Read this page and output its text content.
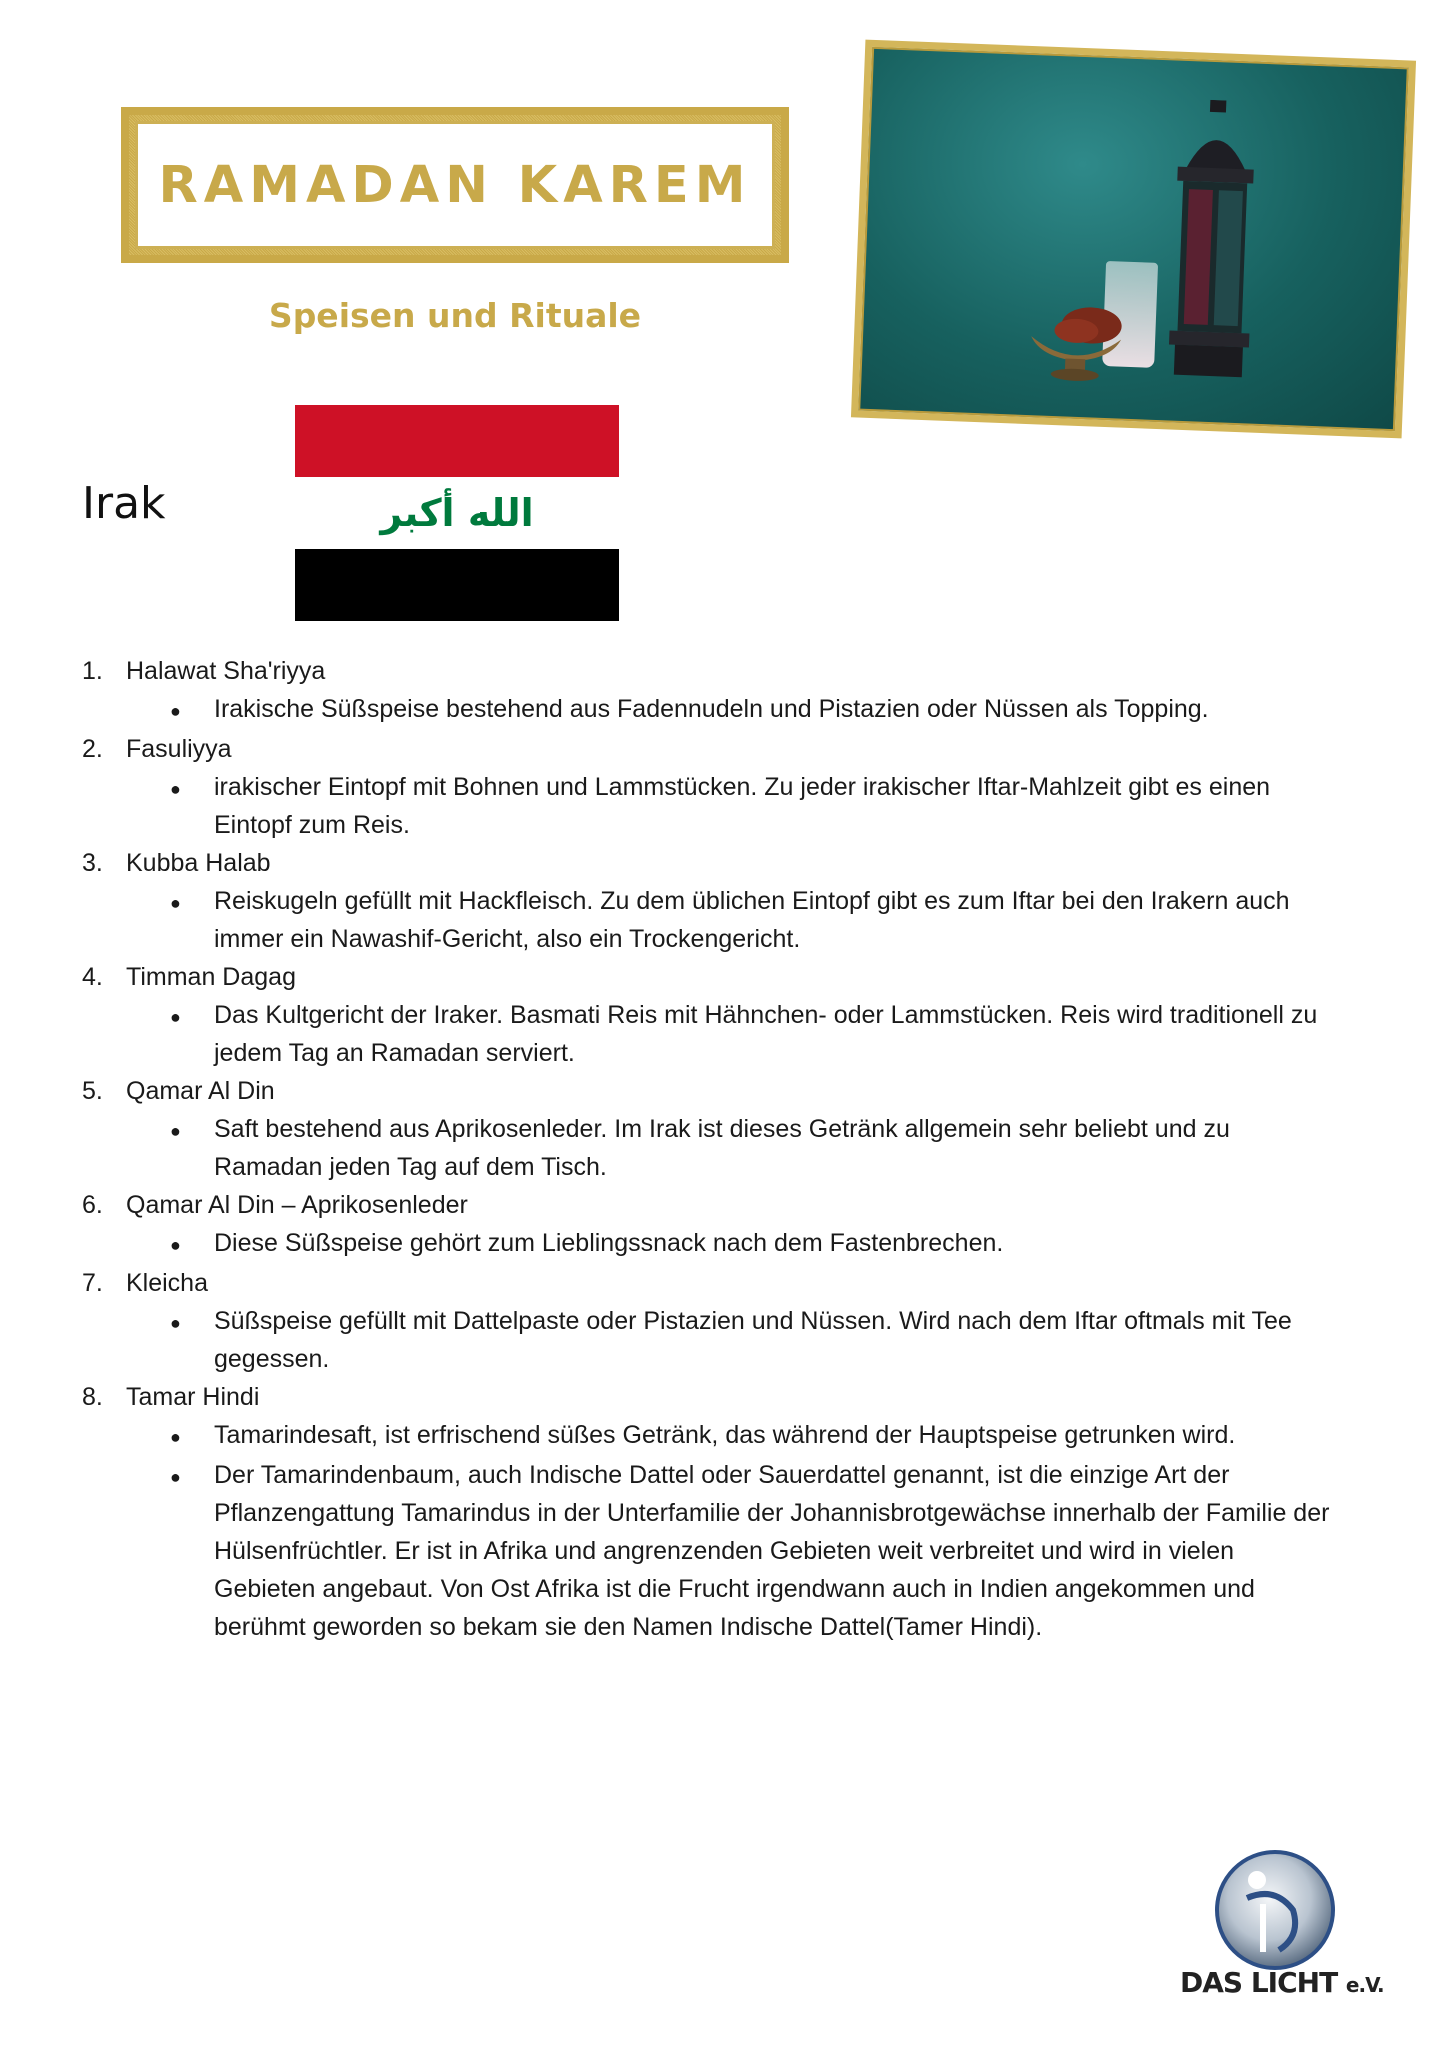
RAMADAN KAREM
Speisen und Rituale
الله أكبر
Irak
1. Halawat Sha'riyya
●
Irakische Süßspeise bestehend aus Fadennudeln und Pistazien oder Nüssen als Topping.
2. Fasuliyya
●
irakischer Eintopf mit Bohnen und Lammstücken. Zu jeder irakischer Iftar-Mahlzeit gibt es einen Eintopf zum Reis.
3. Kubba Halab
●
Reiskugeln gefüllt mit Hackfleisch. Zu dem üblichen Eintopf gibt es zum Iftar bei den Irakern auch immer ein Nawashif-Gericht, also ein Trockengericht.
4. Timman Dagag
●
Das Kultgericht der Iraker. Basmati Reis mit Hähnchen- oder Lammstücken. Reis wird traditionell zu jedem Tag an Ramadan serviert.
5. Qamar Al Din
●
Saft bestehend aus Aprikosenleder. Im Irak ist dieses Getränk allgemein sehr beliebt und zu Ramadan jeden Tag auf dem Tisch.
6. Qamar Al Din – Aprikosenleder
●
Diese Süßspeise gehört zum Lieblingssnack nach dem Fastenbrechen.
7. Kleicha
●
Süßspeise gefüllt mit Dattelpaste oder Pistazien und Nüssen. Wird nach dem Iftar oftmals mit Tee gegessen.
8. Tamar Hindi
●
Tamarindesaft, ist erfrischend süßes Getränk, das während der Hauptspeise getrunken wird.
●
Der Tamarindenbaum, auch Indische Dattel oder Sauerdattel genannt, ist die einzige Art der Pflanzengattung Tamarindus in der Unterfamilie der Johannisbrotgewächse innerhalb der Familie der Hülsenfrüchtler. Er ist in Afrika und angrenzenden Gebieten weit verbreitet und wird in vielen Gebieten angebaut. Von Ost Afrika ist die Frucht irgendwann auch in Indien angekommen und berühmt geworden so bekam sie den Namen Indische Dattel(Tamer Hindi).
DAS LICHT e.V.
